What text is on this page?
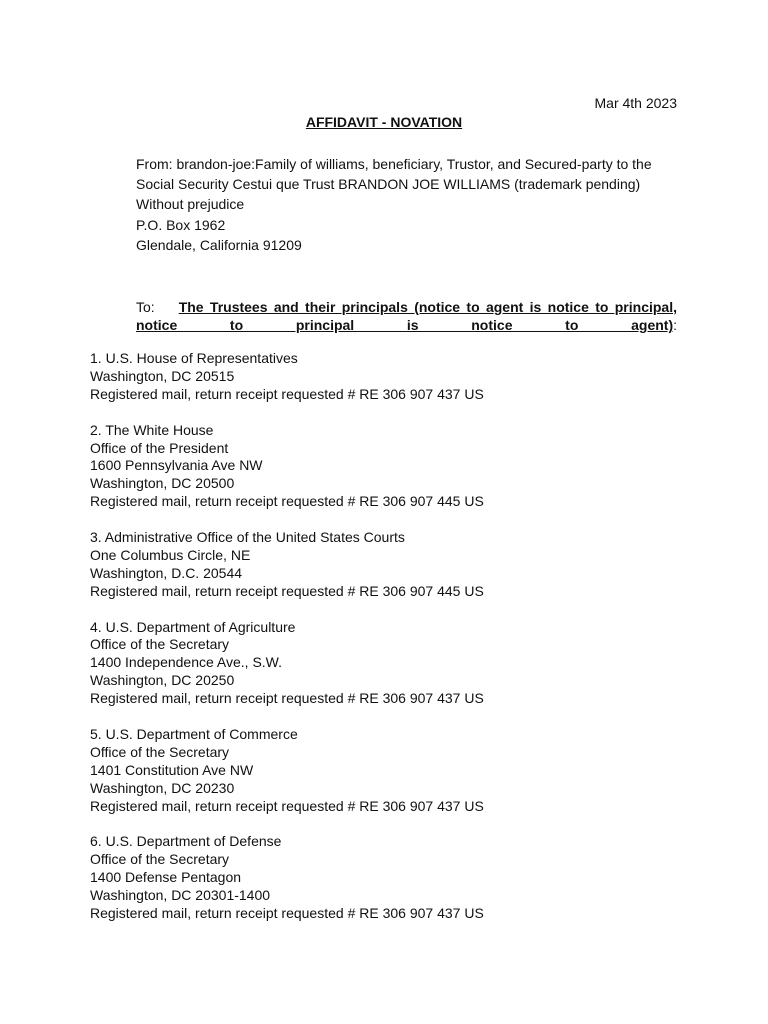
Mar 4th 2023
AFFIDAVIT - NOVATION
From: brandon-joe:Family of williams, beneficiary, Trustor, and Secured-party to the Social Security Cestui que Trust BRANDON JOE WILLIAMS (trademark pending)
Without prejudice
P.O. Box 1962
Glendale, California 91209
To: The Trustees and their principals (notice to agent is notice to principal, notice to principal is notice to agent):
1. U.S. House of Representatives
Washington, DC 20515
Registered mail, return receipt requested # RE 306 907 437 US
2. The White House
Office of the President
1600 Pennsylvania Ave NW
Washington, DC 20500
Registered mail, return receipt requested # RE 306 907 445 US
3. Administrative Office of the United States Courts
One Columbus Circle, NE
Washington, D.C. 20544
Registered mail, return receipt requested # RE 306 907 445 US
4. U.S. Department of Agriculture
Office of the Secretary
1400 Independence Ave., S.W.
Washington, DC 20250
Registered mail, return receipt requested # RE 306 907 437 US
5. U.S. Department of Commerce
Office of the Secretary
1401 Constitution Ave NW
Washington, DC 20230
Registered mail, return receipt requested # RE 306 907 437 US
6. U.S. Department of Defense
Office of the Secretary
1400 Defense Pentagon
Washington, DC 20301-1400
Registered mail, return receipt requested # RE 306 907 437 US
